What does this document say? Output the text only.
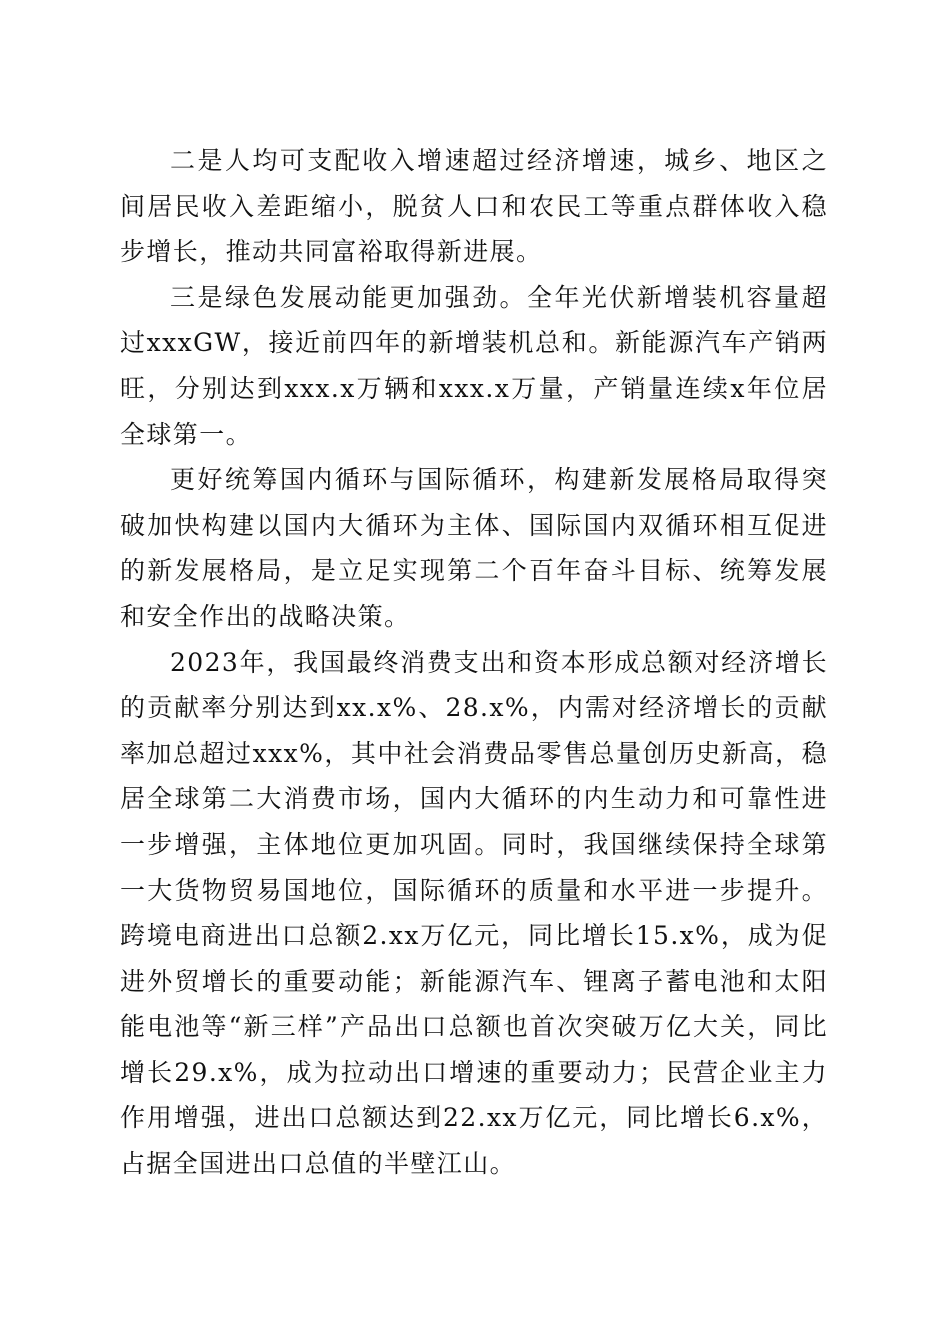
二是人均可支配收入增速超过经济增速，城乡、地区之间居民收入差距缩小，脱贫人口和农民工等重点群体收入稳步增长，推动共同富裕取得新进展。

三是绿色发展动能更加强劲。全年光伏新增装机容量超过xxxGW，接近前四年的新增装机总和。新能源汽车产销两旺，分别达到xxx.x万辆和xxx.x万量，产销量连续x年位居全球第一。

更好统筹国内循环与国际循环，构建新发展格局取得突破加快构建以国内大循环为主体、国际国内双循环相互促进的新发展格局，是立足实现第二个百年奋斗目标、统筹发展和安全作出的战略决策。

2023年，我国最终消费支出和资本形成总额对经济增长的贡献率分别达到xx.x%、28.x%，内需对经济增长的贡献率加总超过xxx%，其中社会消费品零售总量创历史新高，稳居全球第二大消费市场，国内大循环的内生动力和可靠性进一步增强，主体地位更加巩固。同时，我国继续保持全球第一大货物贸易国地位，国际循环的质量和水平进一步提升。跨境电商进出口总额2.xx万亿元，同比增长15.x%，成为促进外贸增长的重要动能；新能源汽车、锂离子蓄电池和太阳能电池等“新三样”产品出口总额也首次突破万亿大关，同比增长29.x%，成为拉动出口增速的重要动力；民营企业主力作用增强，进出口总额达到22.xx万亿元，同比增长6.x%，占据全国进出口总值的半壁江山。
